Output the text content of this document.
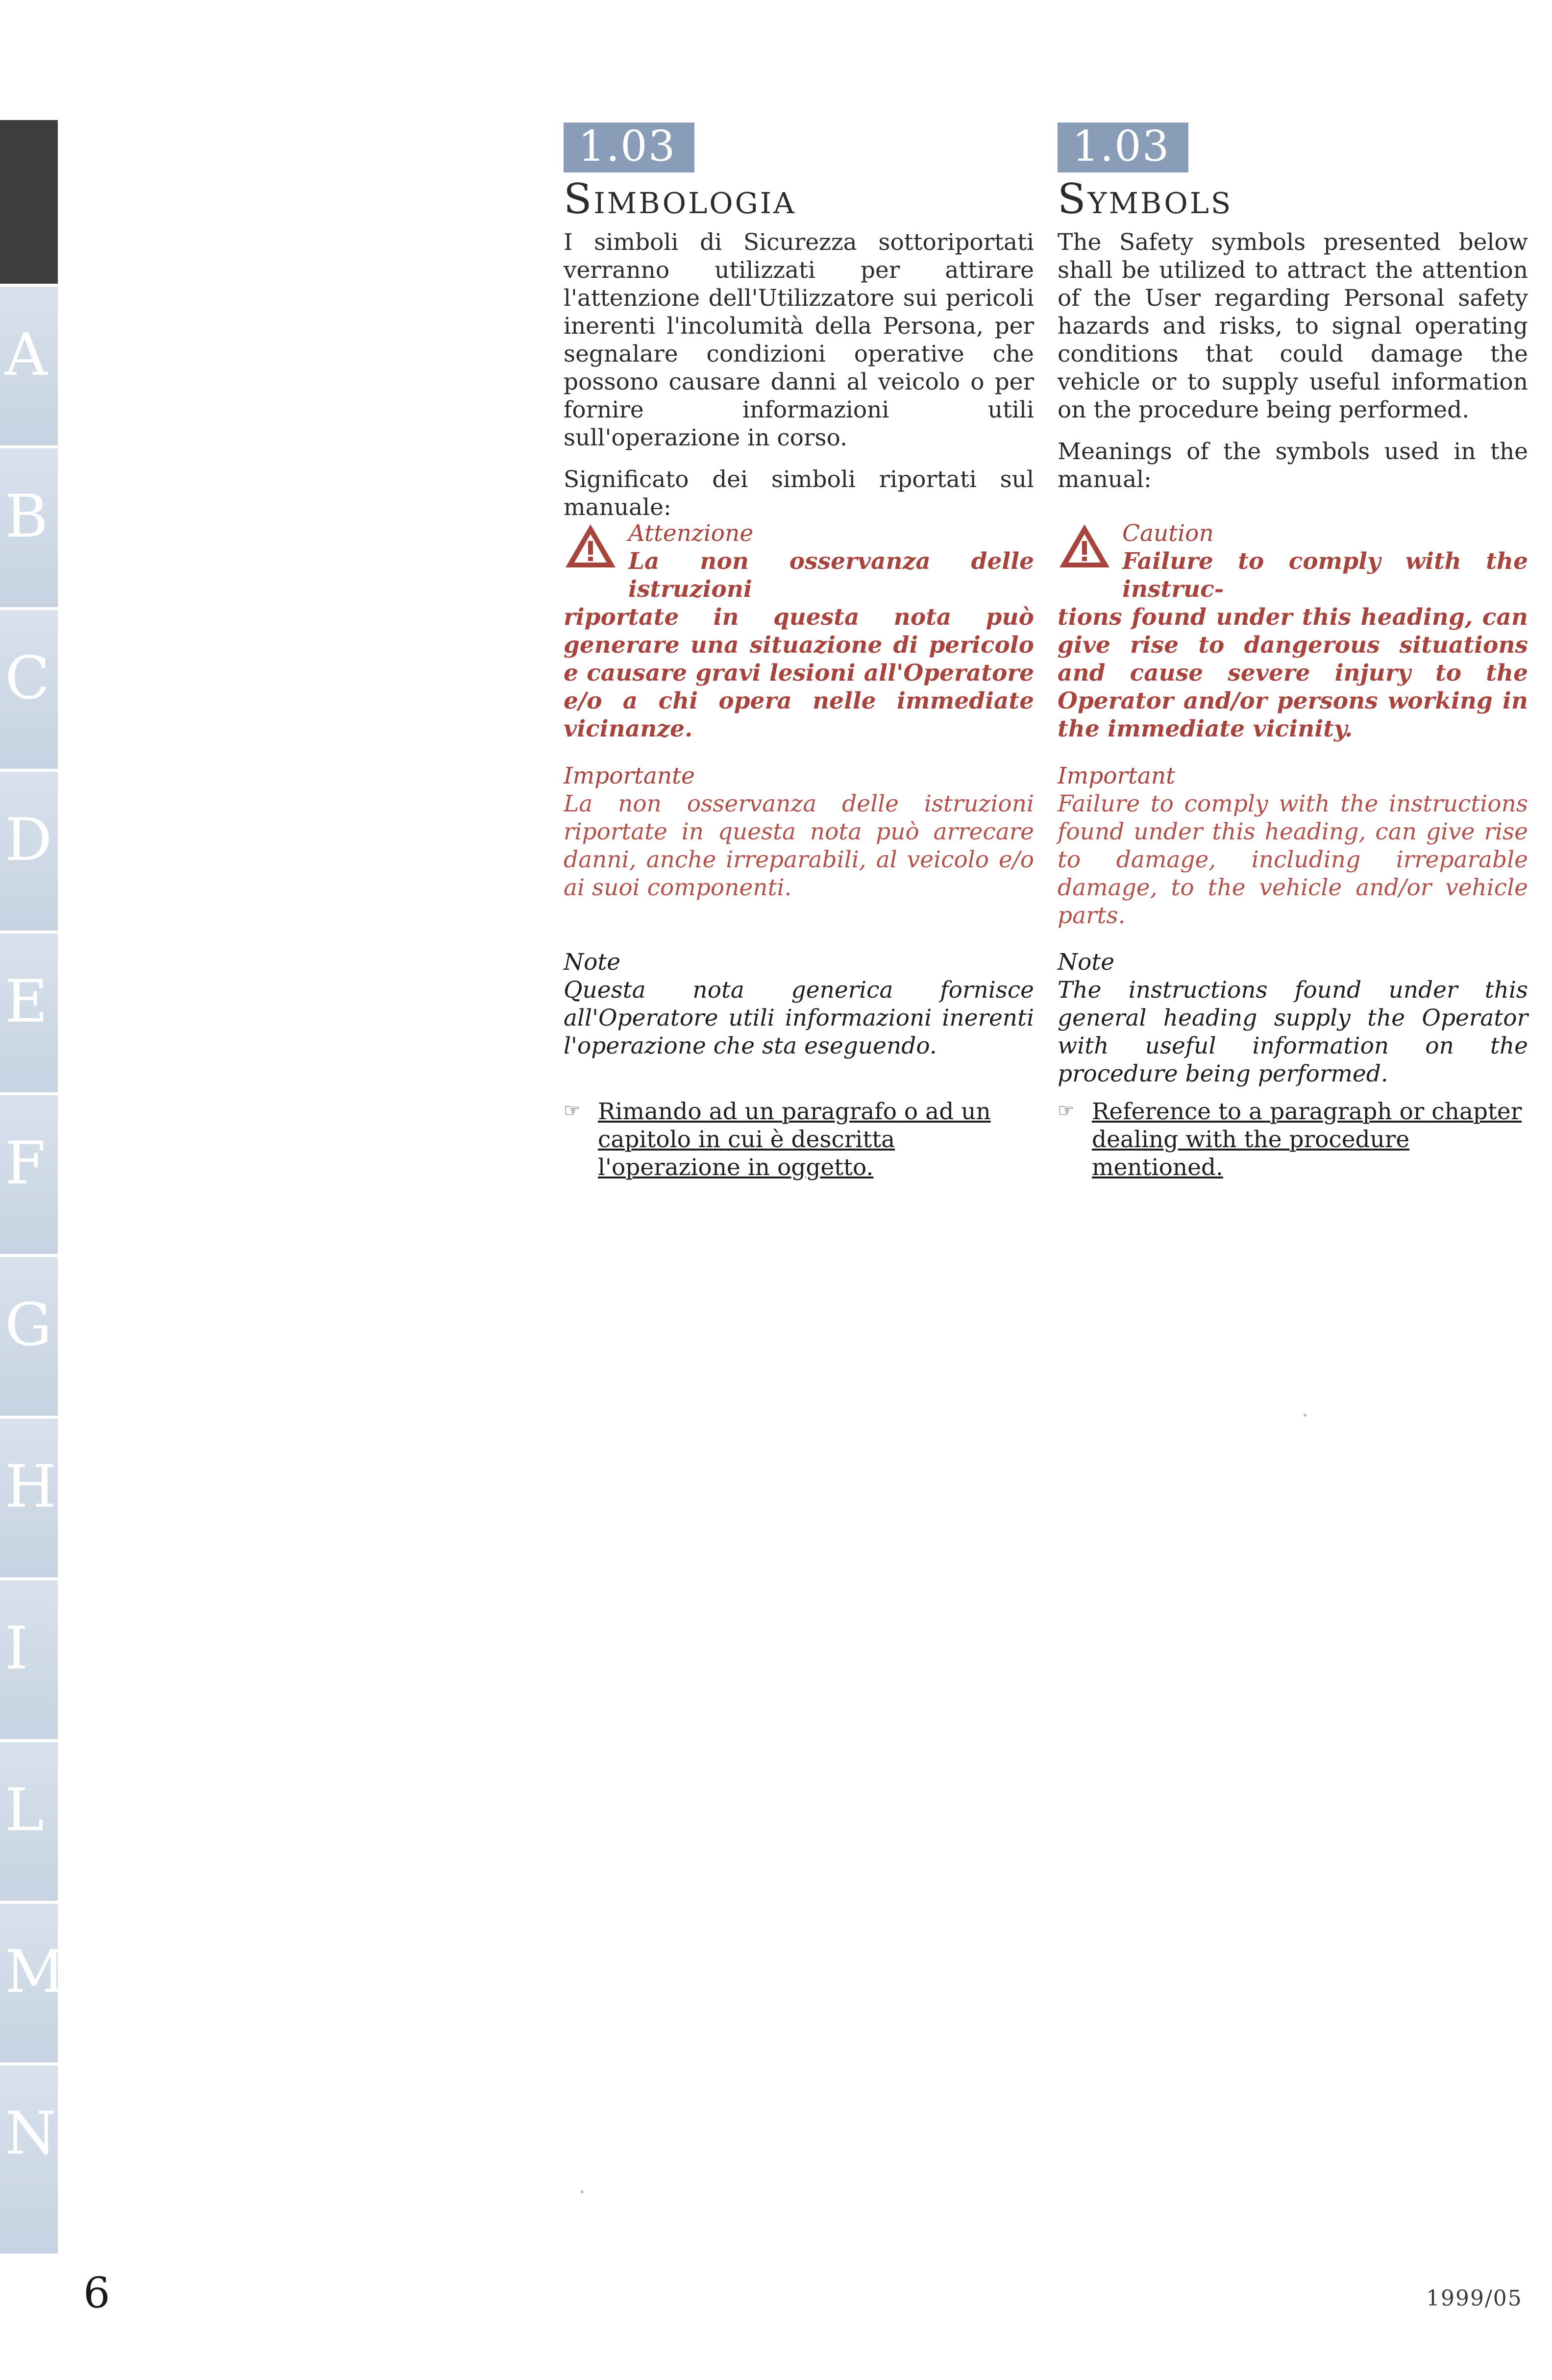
A
B
C
D
E
F
G
H
I
L
M
N
1.03
Simbologia

I simboli di Sicurezza sottoriportati verranno utilizzati per attirare l'attenzione dell'Utilizzatore sui pericoli inerenti l'incolumità della Persona, per segnalare condizioni operative che possono causare danni al veicolo o per fornire informazioni utili sull'operazione in corso.

Significato dei simboli riportati sul manuale:

Attenzione

La non osservanza delle istruzioni

riportate in questa nota può generare una situazione di pericolo e causare gravi lesioni all'Operatore e/o a chi opera nelle immediate vicinanze.

Importante

La non osservanza delle istruzioni riportate in questa nota può arrecare danni, anche irreparabili, al veicolo e/o ai suoi componenti.

Note

Questa nota generica fornisce all'Operatore utili informazioni inerenti l'operazione che sta eseguendo.

☞ Rimando ad un paragrafo o ad un capitolo in cui è descritta l'operazione in oggetto.

1.03
Symbols

The Safety symbols presented below shall be utilized to attract the attention of the User regarding Personal safety hazards and risks, to signal operating conditions that could damage the vehicle or to supply useful information on the procedure being performed.

Meanings of the symbols used in the manual:

Caution

Failure to comply with the instruc-

tions found under this heading, can give rise to dangerous situations and cause severe injury to the Operator and/or persons working in the immediate vicinity.

Important

Failure to comply with the instructions found under this heading, can give rise to damage, including irreparable damage, to the vehicle and/or vehicle parts.

Note

The instructions found under this general heading supply the Operator with useful information on the procedure being performed.

☞ Reference to a paragraph or chapter dealing with the procedure mentioned.

6	1999/05
